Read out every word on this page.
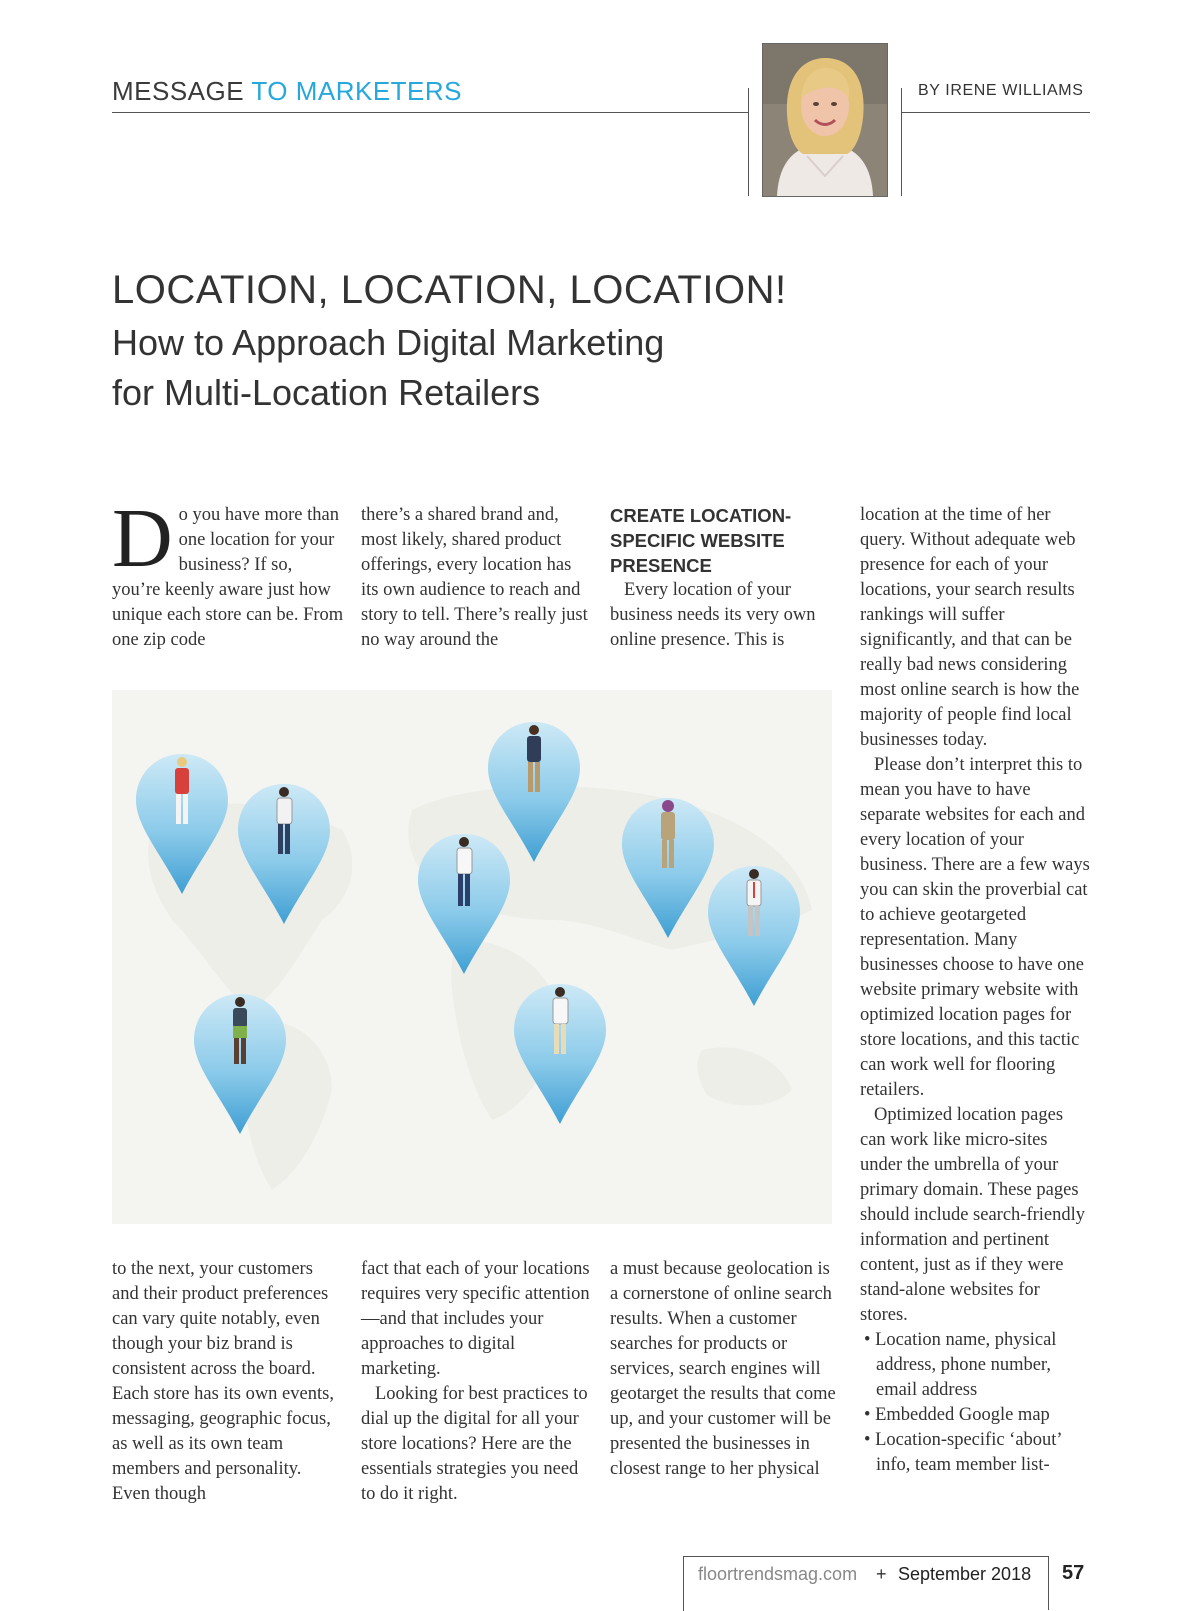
MESSAGE TO MARKETERS	BY IRENE WILLIAMS
LOCATION, LOCATION, LOCATION!
How to Approach Digital Marketing
for Multi-Location Retailers
D o you have more than one location for your business? If so, you’re keenly aware just how unique each store can be. From one zip code

there’s a shared brand and, most likely, shared product offerings, every location has its own audience to reach and story to tell. There’s really just no way around the

CREATE LOCATION-SPECIFIC WEBSITE PRESENCE

Every location of your business needs its very own online presence. This is

location at the time of her query. Without adequate web presence for each of your locations, your search results rankings will suffer significantly, and that can be really bad news considering most online search is how the majority of people find local businesses today.

Please don’t interpret this to mean you have to have separate websites for each and every location of your business. There are a few ways you can skin the proverbial cat to achieve geotargeted representation. Many businesses choose to have one website primary website with optimized location pages for store locations, and this tactic can work well for flooring retailers.

Optimized location pages can work like micro-sites under the umbrella of your primary domain. These pages should include search-friendly information and pertinent content, just as if they were stand-alone websites for stores.

• Location name, physical address, phone number, email address
• Embedded Google map
• Location-specific ‘about’ info, team member list-

to the next, your customers and their product preferences can vary quite notably, even though your biz brand is consistent across the board. Each store has its own events, messaging, geographic focus, as well as its own team members and personality. Even though

fact that each of your locations requires very specific attention—and that includes your approaches to digital marketing.

Looking for best practices to dial up the digital for all your store locations? Here are the essentials strategies you need to do it right.

a must because geolocation is a cornerstone of online search results. When a customer searches for products or services, search engines will geotarget the results that come up, and your customer will be presented the businesses in closest range to her physical

floortrendsmag.com + September 2018 57
